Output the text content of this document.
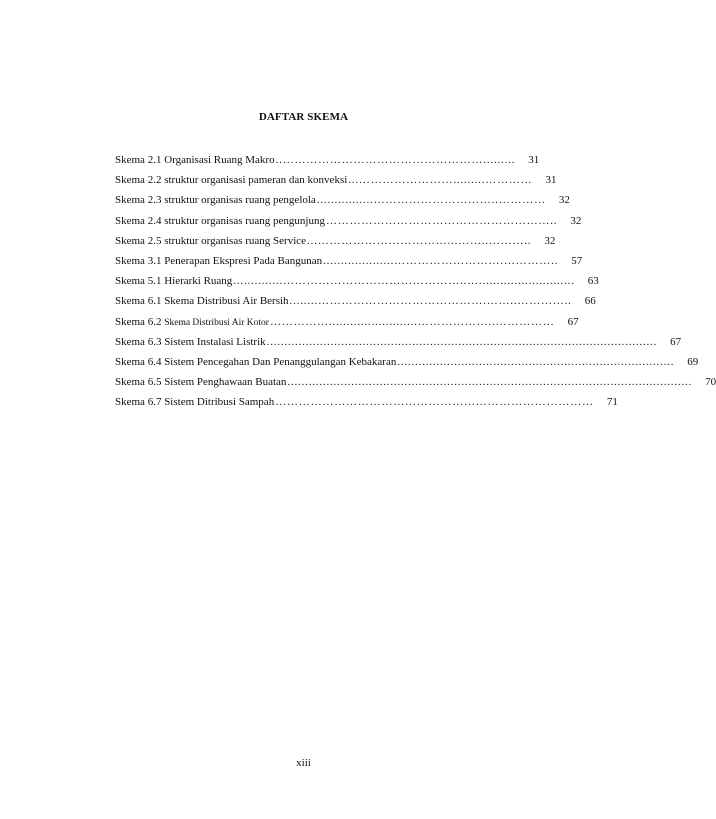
DAFTAR SKEMA
Skema 2.1 Organisasi Ruang Makro ..……………………………………………......... 31
Skema 2.2 struktur organisasi pameran dan konveksi ...…………………….........………… 31
Skema 2.3 struktur organisas ruang pengelola ................…………………………..………… 32
Skema 2.4 struktur organisas ruang pengunjung ………………………………………………….. 32
Skema 2.5 struktur organisas ruang Service ...……………………………...……..……….. 32
Skema 3.1 Penerapan Ekspresi Pada Bangunan ....................……………………….………….. 57
Skema 5.1 Hierarki Ruang ..............………………………………………..…........................... 63
Skema 6.1 Skema Distribusi Air Bersih ........…………………………………….……..………….. 66
Skema 6.2 Skema Distribusi Air Kotor …………….........................………………..…………… 67
Skema 6.3 Sistem Instalasi Listrik .............................................................................................................. 67
Skema 6.4 Sistem Pencegahan Dan Penanggulangan Kebakaran .............................................................................. 69
Skema 6.5 Sistem Penghawaan Buatan .................................................................................................................. 70
Skema 6.7 Sistem Ditribusi Sampah ……………………………………………………………………… 71
xiii
